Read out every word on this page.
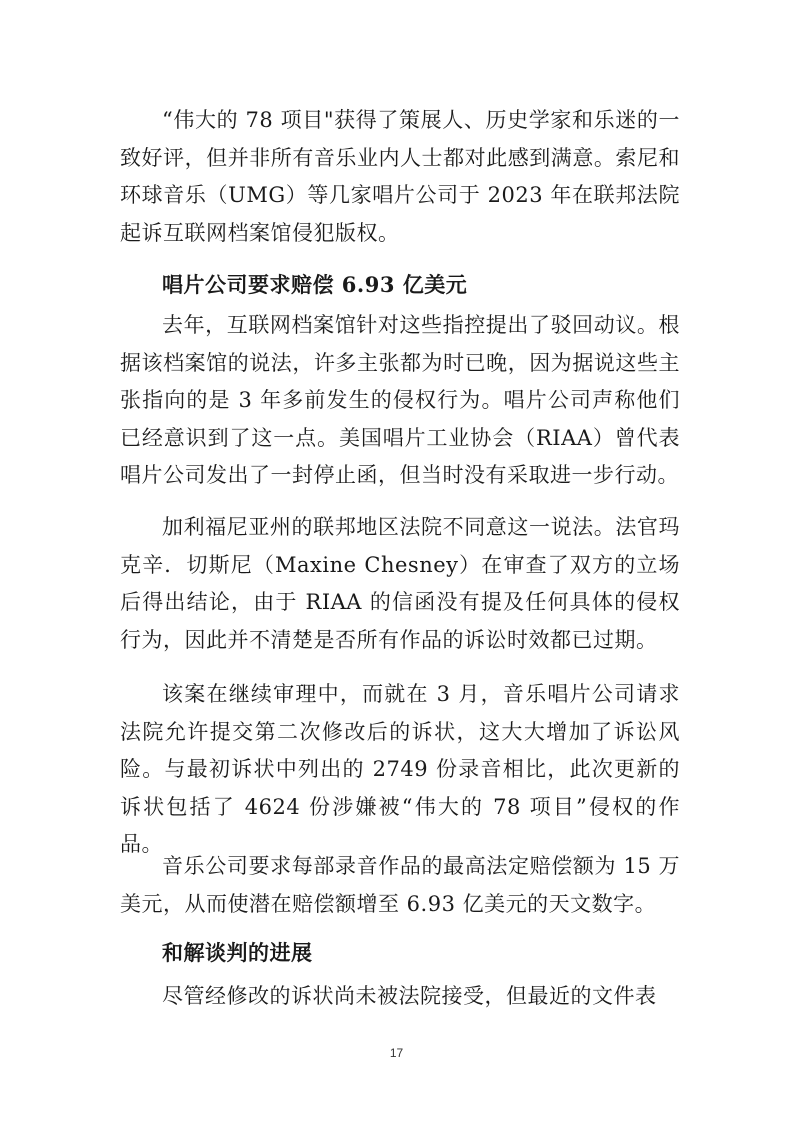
“伟大的 78 项目"获得了策展人、历史学家和乐迷的一致好评，但并非所有音乐业内人士都对此感到满意。索尼和环球音乐（UMG）等几家唱片公司于 2023 年在联邦法院起诉互联网档案馆侵犯版权。

唱片公司要求赔偿 6.93 亿美元

去年，互联网档案馆针对这些指控提出了驳回动议。根据该档案馆的说法，许多主张都为时已晚，因为据说这些主张指向的是 3 年多前发生的侵权行为。唱片公司声称他们已经意识到了这一点。美国唱片工业协会（RIAA）曾代表唱片公司发出了一封停止函，但当时没有采取进一步行动。

加利福尼亚州的联邦地区法院不同意这一说法。法官玛克辛．切斯尼（Maxine Chesney）在审查了双方的立场后得出结论，由于 RIAA 的信函没有提及任何具体的侵权行为，因此并不清楚是否所有作品的诉讼时效都已过期。

该案在继续审理中，而就在 3 月，音乐唱片公司请求法院允许提交第二次修改后的诉状，这大大增加了诉讼风险。与最初诉状中列出的 2749 份录音相比，此次更新的诉状包括了 4624 份涉嫌被“伟大的 78 项目”侵权的作品。

音乐公司要求每部录音作品的最高法定赔偿额为 15 万美元，从而使潜在赔偿额增至 6.93 亿美元的天文数字。

和解谈判的进展

尽管经修改的诉状尚未被法院接受，但最近的文件表

17
